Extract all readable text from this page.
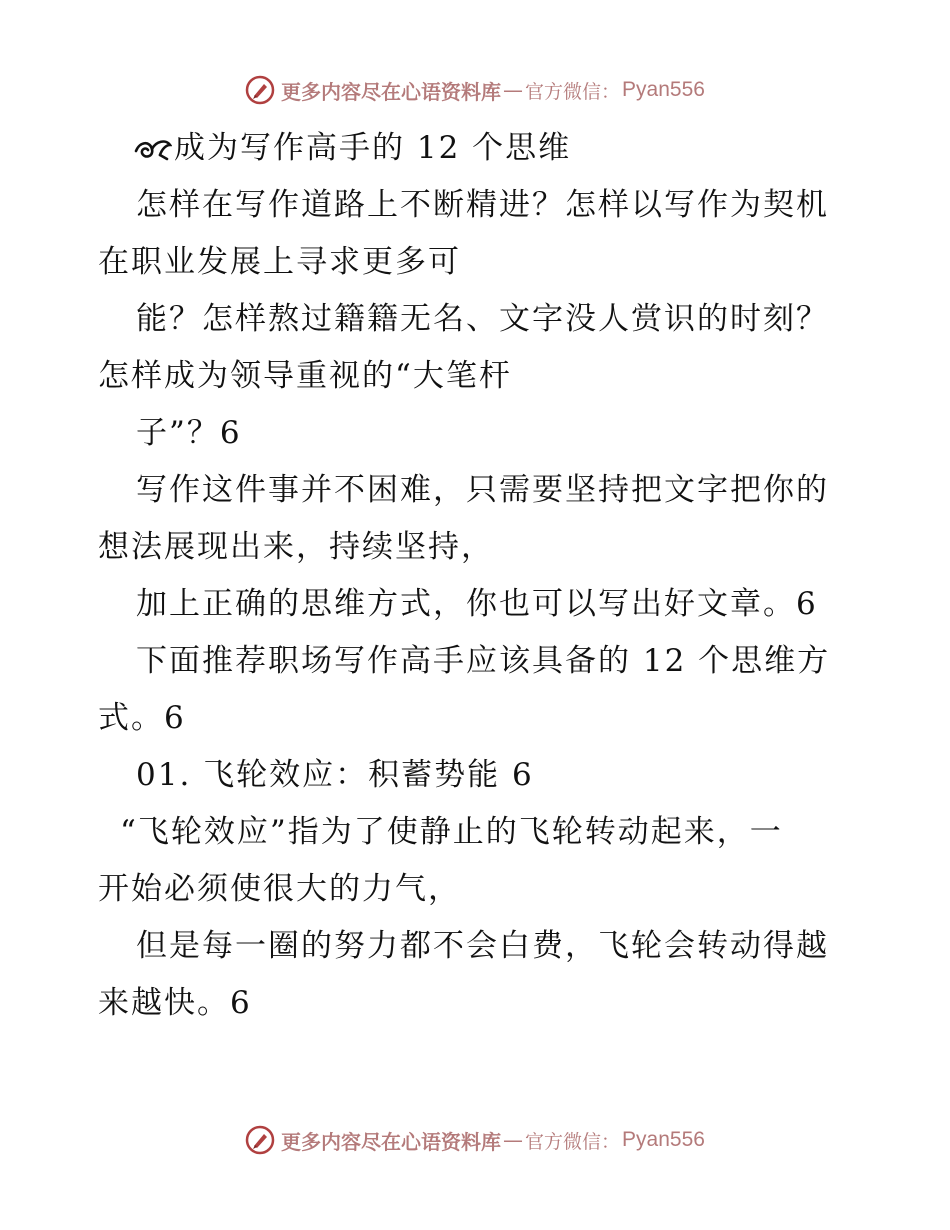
更多内容尽在心语资料库 — 官方微信： Pyan556
成为写作高手的 12 个思维
怎样在写作道路上不断精进？怎样以写作为契机
在职业发展上寻求更多可
能？怎样熬过籍籍无名、文字没人赏识的时刻？
怎样成为领导重视的“大笔杆
子”？6
写作这件事并不困难，只需要坚持把文字把你的
想法展现出来，持续坚持，
加上正确的思维方式，你也可以写出好文章。6
下面推荐职场写作高手应该具备的 12 个思维方
式。6
01. 飞轮效应：积蓄势能 6
“飞轮效应”指为了使静止的飞轮转动起来，一
开始必须使很大的力气，
但是每一圈的努力都不会白费，飞轮会转动得越
来越快。6
更多内容尽在心语资料库 — 官方微信： Pyan556
